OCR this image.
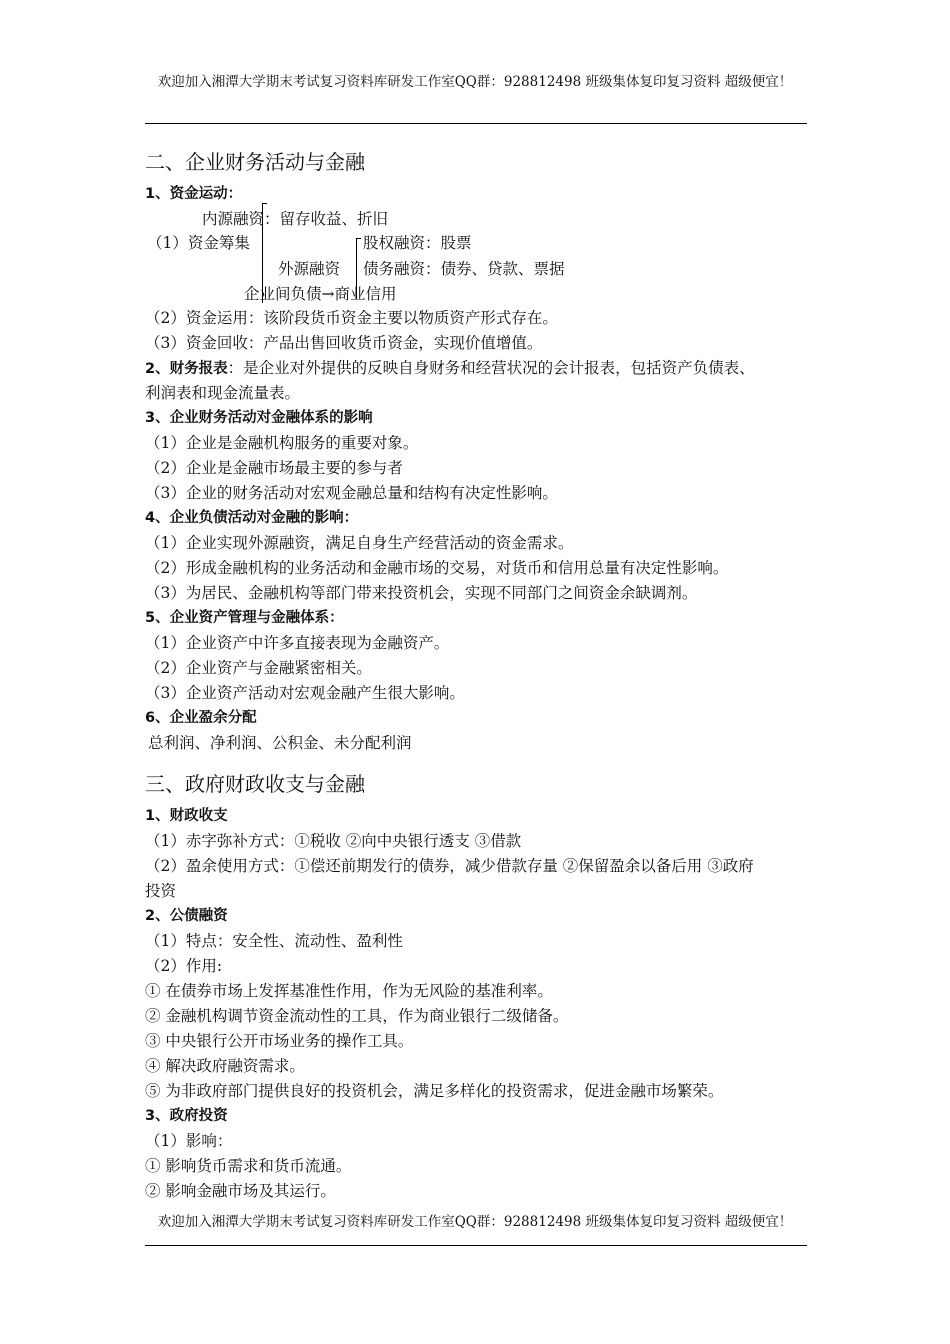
欢迎加入湘潭大学期末考试复习资料库研发工作室QQ群：928812498 班级集体复印复习资料 超级便宜！
二、企业财务活动与金融
1、资金运动：
内源融资：留存收益、折旧
（1）资金筹集	股权融资：股票
外源融资 债务融资：债券、贷款、票据
企业间负债→商业信用
（2）资金运用：该阶段货币资金主要以物质资产形式存在。
（3）资金回收：产品出售回收货币资金，实现价值增值。
2、财务报表：是企业对外提供的反映自身财务和经营状况的会计报表，包括资产负债表、
利润表和现金流量表。
3、企业财务活动对金融体系的影响
（1）企业是金融机构服务的重要对象。
（2）企业是金融市场最主要的参与者
（3）企业的财务活动对宏观金融总量和结构有决定性影响。
4、企业负债活动对金融的影响：
（1）企业实现外源融资，满足自身生产经营活动的资金需求。
（2）形成金融机构的业务活动和金融市场的交易，对货币和信用总量有决定性影响。
（3）为居民、金融机构等部门带来投资机会，实现不同部门之间资金余缺调剂。
5、企业资产管理与金融体系：
（1）企业资产中许多直接表现为金融资产。
（2）企业资产与金融紧密相关。
（3）企业资产活动对宏观金融产生很大影响。
6、企业盈余分配
总利润、净利润、公积金、未分配利润
三、政府财政收支与金融
1、财政收支
（1）赤字弥补方式：①税收 ②向中央银行透支 ③借款
（2）盈余使用方式：①偿还前期发行的债券，减少借款存量 ②保留盈余以备后用 ③政府
投资
2、公债融资
（1）特点：安全性、流动性、盈利性
（2）作用:
① 在债券市场上发挥基准性作用，作为无风险的基准利率。
② 金融机构调节资金流动性的工具，作为商业银行二级储备。
③ 中央银行公开市场业务的操作工具。
④ 解决政府融资需求。
⑤ 为非政府部门提供良好的投资机会，满足多样化的投资需求，促进金融市场繁荣。
3、政府投资
（1）影响：
① 影响货币需求和货币流通。
② 影响金融市场及其运行。
欢迎加入湘潭大学期末考试复习资料库研发工作室QQ群：928812498 班级集体复印复习资料 超级便宜！
